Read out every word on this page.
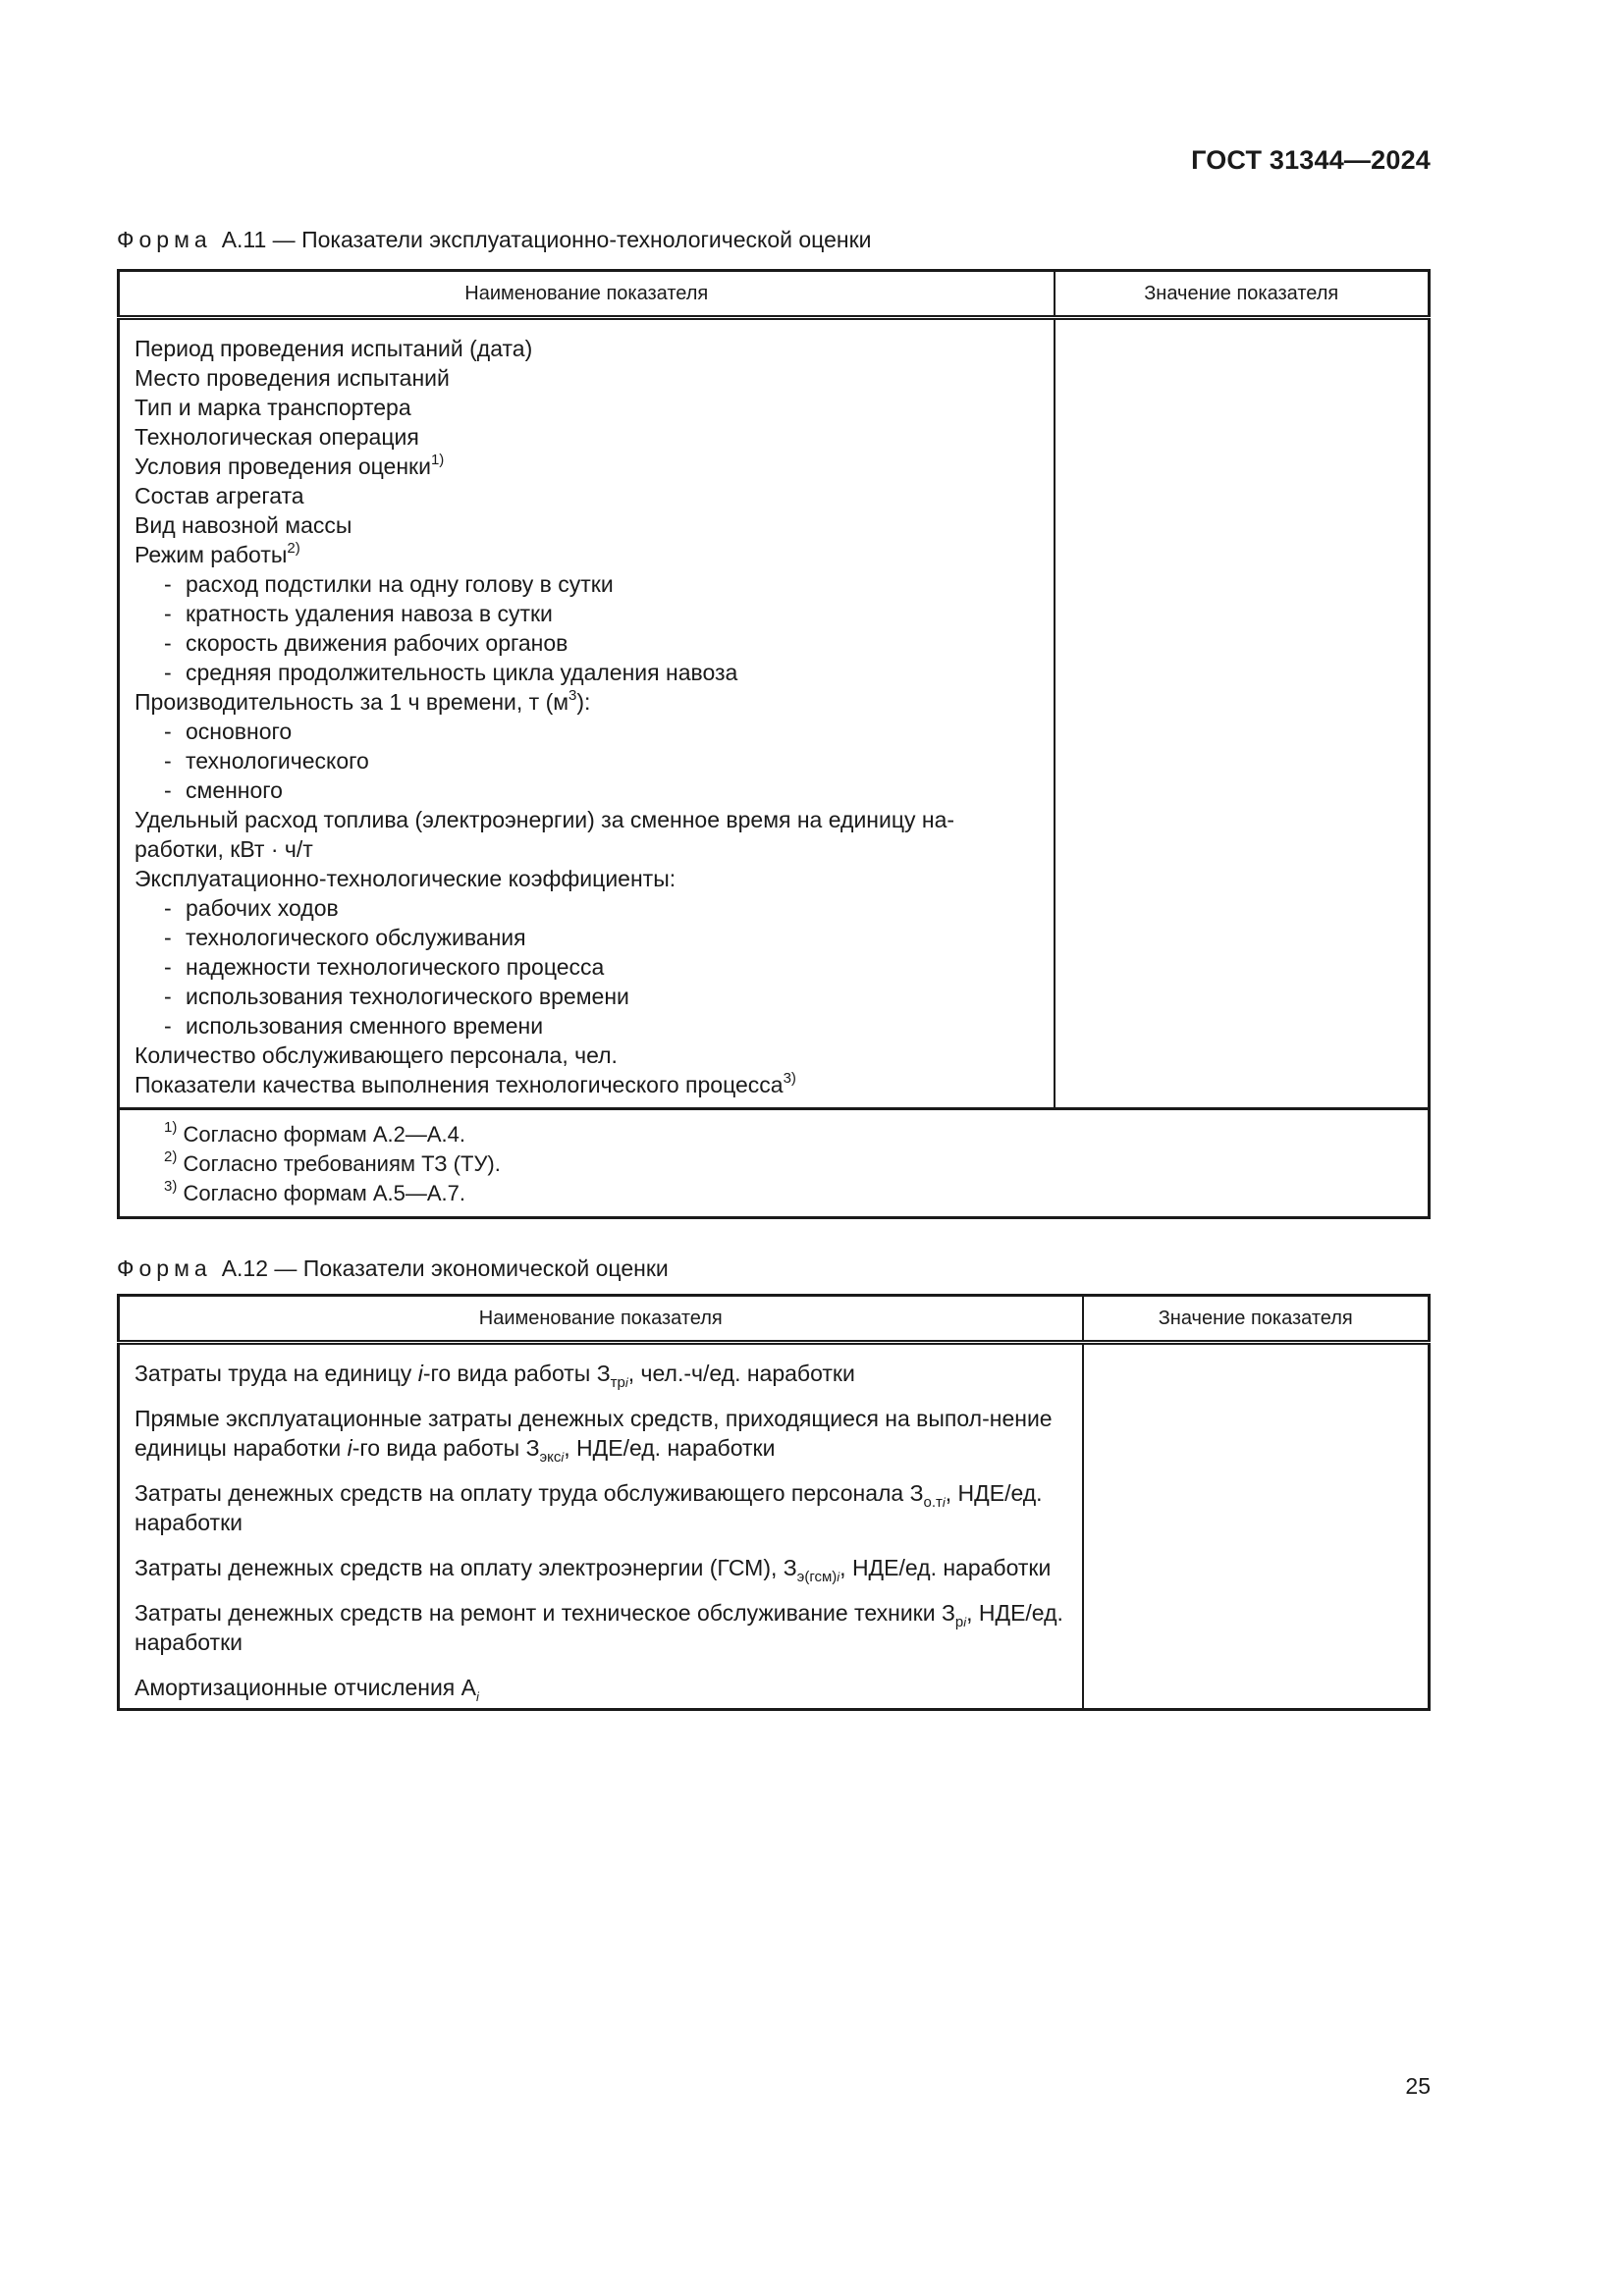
ГОСТ 31344—2024
Форма А.11 — Показатели эксплуатационно-технологической оценки
Наименование показателя	Значение показателя

Период проведения испытаний (дата)
Место проведения испытаний
Тип и марка транспортера
Технологическая операция
Условия проведения оценки$^{1)}$
Состав агрегата
Вид навозной массы
Режим работы$^{2)}$
- расход подстилки на одну голову в сутки
- кратность удаления навоза в сутки
- скорость движения рабочих органов
- средняя продолжительность цикла удаления навоза
Производительность за 1 ч времени, т $(м^3)$:
- основного
- технологического
- сменного
Удельный расход топлива (электроэнергии) за сменное время на единицу на-
работки, кВт · ч/т
Эксплуатационно-технологические коэффициенты:
- рабочих ходов
- технологического обслуживания
- надежности технологического процесса
- использования технологического времени
- использования сменного времени
Количество обслуживающего персонала, чел.
Показатели качества выполнения технологического процесса$^{3)}$

$^{1)}$ Согласно формам А.2—А.4.
$^{2)}$ Согласно требованиям ТЗ (ТУ).
$^{3)}$ Согласно формам А.5—А.7.	
Форма А.12 — Показатели экономической оценки
Наименование показателя	Значение показателя

Затраты труда на единицу i-го вида работы $З_{трi}$, чел.-ч/ед. наработки	

Прямые эксплуатационные затраты денежных средств, приходящиеся на выпол-нение единицы наработки i-го вида работы $З_{эксi}$, НДЕ/ед. наработки	

Затраты денежных средств на оплату труда обслуживающего персонала $З_{о.тi}$, НДЕ/ед. наработки	

Затраты денежных средств на оплату электроэнергии (ГСМ), $З_{э(гсм)i}$, НДЕ/ед. наработки	

Затраты денежных средств на ремонт и техническое обслуживание техники $З_{рi}$, НДЕ/ед. наработки	

Амортизационные отчисления $А_i$

25
